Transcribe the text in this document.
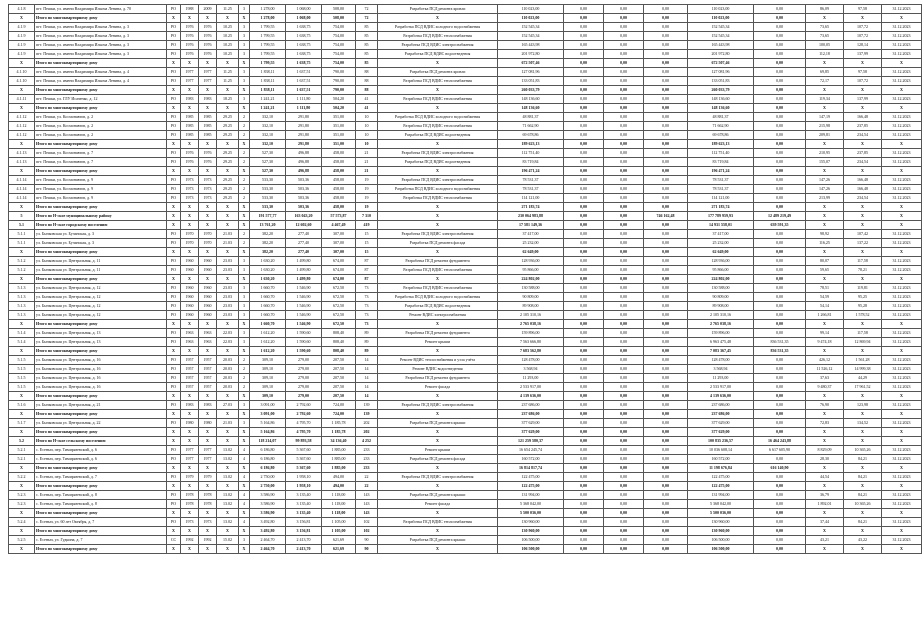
4.1.8	пгт. Пешки, ул. имени Владимира Ильича Ленина, д. 70	РО	1988	2009	11.25	3	1 278,00	1 068,00	508,00	72	Разработка ПСД ремонта кровли	110 023,00	0,00	0,00	0,00	110 023,00	0,00	86,09	97,58	31.12.2023
X	Итого по многоквартирному дому	X	X	X	X	X	1 278,00	1 068,00	508,00	72	X	110 023,00	0,00	0,00	0,00	110 023,00	0,00	X	X	X
4.1.9	пгт. Пешки, ул. имени Владимира Ильича Ленина, д. 3	РО	1976	1976	10.25	3	1 799,55	1 638,75	754,00	85	Разработка ПСД ВДИС холодного водоснабжения	152 545,34	0,00	0,00	0,00	152 545,34	0,00	73,65	107,72	31.12.2023
4.1.9	пгт. Пешки, ул. имени Владимира Ильича Ленина, д. 3	РО	1976	1976	10.25	3	1 799,55	1 638,75	754,00	85	Разработка ПСД ВДИС теплоснабжения	152 545,34	0,00	0,00	0,00	152 545,34	0,00	73,65	107,72	31.12.2023
4.1.9	пгт. Пешки, ул. имени Владимира Ильича Ленина, д. 3	РО	1976	1976	10.25	3	1 799,55	1 638,75	754,00	85	Разработка ПСД ВДИС электроснабжения	165 443,98	0,00	0,00	0,00	165 443,98	0,00	100,05	128,14	31.12.2023
4.1.9	пгт. Пешки, ул. имени Владимира Ильича Ленина, д. 3	РО	1976	1976	10.25	3	1 799,55	1 638,75	754,00	85	Разработка ПСД ВДИС водоотведения	201 972,80	0,00	0,00	0,00	201 972,80	0,00	112,18	137,99	31.12.2023
X	Итого по многоквартирному дому	X	X	X	X	X	1 799,55	1 638,75	754,00	85	X	672 507,46	0,00	0,00	0,00	672 507,46	0,00	X	X	X
4.1.10	пгт. Пешки, ул. имени Владимира Ильича Ленина, д. 4	РО	1977	1977	11.25	3	1 838,11	1 637,51	790,00	88	Разработка ПСД ремонта кровли	127 081,96	0,00	0,00	0,00	127 081,96	0,00	69,85	97,58	31.12.2023
4.1.10	пгт. Пешки, ул. имени Владимира Ильича Ленина, д. 4	РО	1977	1977	11.25	3	1 838,11	1 637,51	790,00	88	Разработка ПСД ВДИС теплоснабжения	133 051,83	0,00	0,00	0,00	133 051,83	0,00	72,17	107,72	31.12.2023
X	Итого по многоквартирному дому	X	X	X	X	X	1 838,11	1 637,51	790,00	88	X	260 033,79	0,00	0,00	0,00	260 033,79	0,00	X	X	X
4.1.11	пгт. Пешки, ул. ГЛУ Исаченко, д. 12	РО	1983	1983	18.25	3	1 241,21	1 111,80	504,20	41	Разработка ПСД ВДИС теплоснабжения	148 136,60	0,00	0,00	0,00	148 136,60	0,00	119,34	137,99	31.12.2023
X	Итого по многоквартирному дому	X	X	X	X	X	1 241,21	1 111,80	504,20	41	X	148 136,60	0,00	0,00	0,00	148 136,60	0,00	X	X	X
4.1.12	пгт. Пешки, ул. Космонавтов, д. 2	РО	1985	1985	29.25	2	332,10	291,80	351,00	10	Разработка ПСД ВДИС холодного водоснабжения	48 881,37	0,00	0,00	0,00	48 881,37	0,00	147,19	166,48	31.12.2023
4.1.12	пгт. Пешки, ул. Космонавтов, д. 2	РО	1985	1985	29.25	2	332,10	291,80	351,00	10	Разработка ПСД ВДИС теплоснабжения	71 662,90	0,00	0,00	0,00	71 662,90	0,00	215,98	237,85	31.12.2023
4.1.12	пгт. Пешки, ул. Космонавтов, д. 2	РО	1985	1985	29.25	2	332,10	291,80	351,00	10	Разработка ПСД ВДИС водоотведения	69 678,86	0,00	0,00	0,00	69 678,86	0,00	209,81	234,54	31.12.2023
X	Итого по многоквартирному дому	X	X	X	X	X	332,10	291,80	351,00	10	X	189 623,13	0,00	0,00	0,00	189 623,13	0,00	X	X	X
4.1.13	пгт. Пешки, ул. Космонавтов, д. 7	РО	1976	1976	29.25	2	527,30	496,88	458,00	21	Разработка ПСД ВДИС электроснабжения	112 751,40	0,00	0,00	0,00	112 751,40	0,00	210,95	237,85	31.12.2023
4.1.13	пгт. Пешки, ул. Космонавтов, д. 7	РО	1976	1976	29.25	2	527,30	496,88	458,00	21	Разработка ПСД ВДИС водоотведения	83 719,84	0,00	0,00	0,00	83 719,84	0,00	155,07	234,54	31.12.2023
X	Итого по многоквартирному дому	X	X	X	X	X	527,30	496,88	458,00	21	X	196 471,24	0,00	0,00	0,00	196 471,24	0,00	X	X	X
4.1.14	пгт. Пешки, ул. Космонавтов, д. 9	РО	1973	1973	29.25	2	533,30	503,36	458,00	19	Разработка ПСД ВДИС электроснабжения	78 531,37	0,00	0,00	0,00	78 531,37	0,00	147,26	166,48	31.12.2023
4.1.14	пгт. Пешки, ул. Космонавтов, д. 9	РО	1973	1973	29.25	2	533,30	503,36	458,00	19	Разработка ПСД ВДИС холодного водоснабжения	78 531,37	0,00	0,00	0,00	78 531,37	0,00	147,26	166,48	31.12.2023
4.1.14	пгт. Пешки, ул. Космонавтов, д. 9	РО	1973	1973	29.25	2	533,30	503,36	458,00	19	Разработка ПСД ВДИС теплоснабжения	114 121,00	0,00	0,00	0,00	114 121,00	0,00	213,99	234,54	31.12.2023
X	Итого по многоквартирному дому	X	X	X	X	X	533,30	503,36	458,00	19	X	271 183,74	0,00	0,00	0,00	271 183,74	0,00	X	X	X
5	Итого по Н-ское муниципальному району	X	X	X	X	X	191 577,77	163 043,20	57 573,87	7 310	X	230 064 983,88	0,00	0,00	746 162,48	177 789 959,93	12 489 219,49	X	X	X
5.1	Итого по Н-ское городскому поселению	X	X	X	X	X	13 761,20	12 602,60	4 467,49	419	X	17 581 149,36	0,00	0,00	0,00	14 931 558,01	639 591,35	X	X	X
5.1.1	ул. Бычковская ул. Бучанская, д. 3	РО	1970	1970	21.03	2	382,20	277,40	307,00	15	Разработка ПСД ВДИС электроснабжения	37 417,00	0,00	0,00	0,00	37 417,00	0,00	98,92	107,42	31.12.2023
5.1.1	ул. Бычковская ул. Бучанская, д. 3	РО	1970	1970	21.03	2	382,20	277,40	307,00	15	Разработка ПСД ремонта фасада	25 232,00	0,00	0,00	0,00	25 232,00	0,00	116,25	137,22	31.12.2023
X	Итого по многоквартирному дому	X	X	X	X	X	382,20	277,40	307,00	15	X	62 649,00	0,00	0,00	0,00	62 649,00	0,00	X	X	X
5.1.2	ул. Бычковская ул. Центральная, д. 11	РО	1960	1960	23.03	3	1 630,20	1 499,80	674,00	87	Разработка ПСД ремонта фундамента	128 936,00	0,00	0,00	0,00	128 936,00	0,00	80,07	117,58	31.12.2023
5.1.2	ул. Бычковская ул. Центральная, д. 11	РО	1960	1960	23.03	3	1 630,20	1 499,80	674,00	87	Разработка ПСД ВДИС теплоснабжения	95 866,00	0,00	0,00	0,00	95 866,00	0,00	59,65	78,21	31.12.2023
X	Итого по многоквартирному дому	X	X	X	X	X	1 630,20	1 499,80	674,00	87	X	224 802,00	0,00	0,00	0,00	224 802,00	0,00	X	X	X
5.1.3	ул. Бычковская ул. Центральная, д. 12	РО	1960	1960	23.03	3	1 660,70	1 546,90	672,50	73	Разработка ПСД ВДИС теплоснабжения	130 588,00	0,00	0,00	0,00	130 588,00	0,00	78,51	119,81	31.12.2023
5.1.3	ул. Бычковская ул. Центральная, д. 12	РО	1960	1960	23.03	3	1 660,70	1 546,90	672,50	73	Разработка ПСД ВДИС холодного водоснабжения	90 809,00	0,00	0,00	0,00	90 809,00	0,00	54,59	95,25	31.12.2023
5.1.3	ул. Бычковская ул. Центральная, д. 12	РО	1960	1960	23.03	3	1 660,70	1 546,90	672,50	73	Разработка ПСД ВДИС водоотведения	89 908,00	0,00	0,00	0,00	89 908,00	0,00	54,14	95,28	31.12.2023
5.1.3	ул. Бычковская ул. Центральная, д. 12	РО	1960	1960	23.03	3	1 660,70	1 546,90	672,50	73	Ремонт ВДИС электроснабжения	2 105 310,16	0,00	0,00	0,00	2 105 310,16	0,00	1 266,81	1 578,52	31.12.2023
X	Итого по многоквартирному дому	X	X	X	X	X	1 660,70	1 546,90	672,50	73	X	2 765 038,16	0,00	0,00	0,00	2 765 038,16	0,00	X	X	X
5.1.4	ул. Бычковская ул. Центральная, д. 13	РО	1963	1963	22.03	3	1 612,20	1 590,60	808,40	89	Разработка ПСД ремонта фундамента	159 896,00	0,00	0,00	0,00	159 896,00	0,00	99,14	117,58	31.12.2023
5.1.4	ул. Бычковская ул. Центральная, д. 13	РО	1963	1963	22.03	3	1 612,20	1 590,60	808,40	89	Ремонт крыши	7 563 666,80	0,00	0,00	0,00	6 963 475,48	836 531,35	9 474,18	12 869,94	31.12.2023
X	Итого по многоквартирному дому	X	X	X	X	X	1 612,20	1 590,60	808,40	89	X	7 683 562,80	0,00	0,00	0,00	7 083 367,45	836 531,35	X	X	X
5.1.5	ул. Бычковская ул. Центральная, д. 16	РО	1957	1957	20.03	2	309,10	279,00	207,50	14	Ремонт ВДИС теплоснабжения и узла учёта	128 478,00	0,00	0,00	0,00	128 478,00	0,00	426,12	1 561,28	31.12.2023
5.1.5	ул. Бычковская ул. Центральная, д. 16	РО	1957	1957	20.03	2	309,10	279,00	207,50	14	Ремонт ВДИС водоотведения	3 568,94	0,00	0,00	0,00	3 568,94	0,00	11 526,12	14 999,38	31.12.2023
5.1.5	ул. Бычковская ул. Центральная, д. 16	РО	1957	1957	20.03	2	309,10	279,00	207,50	14	Разработка ПСД ремонта фундамента	11 293,00	0,00	0,00	0,00	11 293,00	0,00	37,63	44,29	31.12.2023
5.1.5	ул. Бычковская ул. Центральная, д. 16	РО	1957	1957	20.03	2	309,10	279,00	207,50	14	Ремонт фасада	2 533 917,00	0,00	0,00	0,00	2 533 917,00	0,00	9 480,37	17 961,52	31.12.2023
X	Итого по многоквартирному дому	X	X	X	X	X	309,10	279,00	207,50	14	X	4 139 636,00	0,00	0,00	0,00	4 139 636,00	0,00	X	X	X
5.1.6	ул. Бычковская ул. Центральная, д. 21	РО	1983	1983	27.03	3	3 091,00	2 792,60	724,00	139	Разработка ПСД ВДИС электроснабжения	237 686,00	0,00	0,00	0,00	237 686,00	0,00	76,90	123,98	31.12.2023
X	Итого по многоквартирному дому	X	X	X	X	X	3 091,00	2 792,60	724,00	139	X	237 686,00	0,00	0,00	0,00	237 686,00	0,00	X	X	X
5.1.7	ул. Бычковская ул. Центральная, д. 22	РО	1980	1980	21.03	3	5 164,86	4 795,70	1 185,78	202	Разработка ПСД ремонта крыши	377 629,00	0,00	0,00	0,00	377 629,00	0,00	72,83	134,52	31.12.2023
X	Итого по многоквартирному дому	X	X	X	X	X	5 164,86	4 795,70	1 185,78	202	X	377 629,00	0,00	0,00	0,00	377 629,00	0,00	X	X	X
5.2	Итого по Н-ское сельскому поселению	X	X	X	X	X	118 214,07	99 893,58	34 136,40	4 252	X	121 259 580,37	0,00	0,00	0,00	100 835 236,57	16 464 243,88	X	X	X
5.2.1	с. Есеныч, пер. Тимирязевский, д. 6	РО	1977	1977	13.02	4	6 186,80	5 367,60	1 885,00	233	Ремонт крыши	16 654 245,74	0,00	0,00	0,00	10 036 608,14	6 617 605,90	8 829,09	10 365,26	31.12.2023
5.2.1	с. Есеныч, пер. Тимирязевский, д. 6	РО	1977	1977	13.02	4	6 186,80	5 367,60	1 885,00	233	Разработка ПСД ремонта фасада	160 572,00	0,00	0,00	0,00	160 572,00	0,00	28,30	84,21	31.12.2023
X	Итого по многоквартирному дому	X	X	X	X	X	6 186,80	5 367,60	1 885,00	233	X	16 814 817,74	0,00	0,00	0,00	11 198 676,84	616 140,90	X	X	X
5.2.2	с. Есеныч, пер. Тимирязевский, д. 7	РО	1979	1979	13.02	4	2 750,00	1 958,10	494,00	22	Разработка ПСД ВДИС электроснабжения	122 475,00	0,00	0,00	0,00	122 475,00	0,00	44,54	84,21	31.12.2023
X	Итого по многоквартирному дому	X	X	X	X	X	2 750,00	1 958,10	494,00	22	X	122 475,00	0,00	0,00	0,00	122 475,00	0,00	X	X	X
5.2.3	с. Есеныч, пер. Тимирязевский, д. 8	РО	1978	1978	13.02	4	3 586,90	3 135,40	1 118,00	143	Разработка ПСД ремонта крыши	131 994,00	0,00	0,00	0,00	131 994,00	0,00	36,79	84,21	31.12.2023
5.2.3	с. Есеныч, пер. Тимирязевский, д. 8	РО	1978	1978	13.02	4	3 586,90	3 135,40	1 118,00	143	Ремонт фасада	5 368 042,00	0,00	0,00	0,00	5 368 042,00	0,00	1 892,01	10 365,26	31.12.2023
X	Итого по многоквартирному дому	X	X	X	X	X	3 586,90	3 135,40	1 118,00	143	X	5 500 036,00	0,00	0,00	0,00	5 500 036,00	0,00	X	X	X
5.2.4	с. Есеныч, ул. 60 лет Октября, д. 7	РО	1973	1973	13.02	4	3 492,80	3 156,81	1 105,00	102	Разработка ПСД ВДИС теплоснабжения	130 960,00	0,00	0,00	0,00	130 960,00	0,00	37,44	84,21	31.12.2023
X	Итого по многоквартирному дому	X	X	X	X	X	3 492,80	3 156,81	1 105,00	102	X	130 960,00	0,00	0,00	0,00	130 960,00	0,00	X	X	X
5.2.5	с. Есеныч, ул. Гудкина, д. 7	СС	1992	1992	15.02	3	2 464,70	2 413,70	621,69	90	Разработка ПСД ремонта крыши	106 500,00	0,00	0,00	0,00	106 500,00	0,00	43,21	43,22	31.12.2023
X	Итого по многоквартирному дому	X	X	X	X	X	2 464,70	2 413,70	621,69	90	X	106 500,00	0,00	0,00	0,00	106 500,00	0,00	X	X	X
